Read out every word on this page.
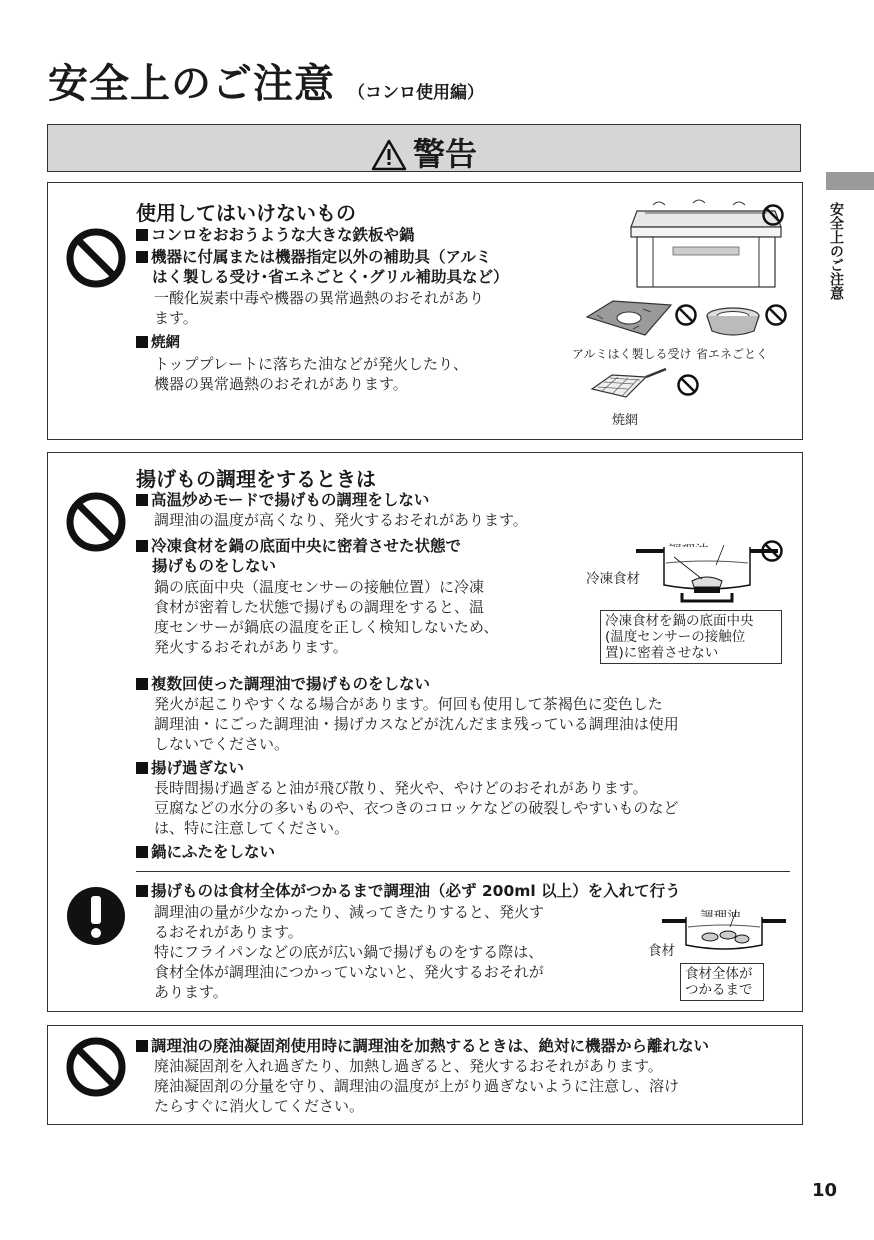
安全上のご注意 （コンロ使用編）
警告
安全上のご注意
使用してはいけないもの
コンロをおおうような大きな鉄板や鍋
機器に付属または機器指定以外の補助具（アルミ
はく製しる受け･省エネごとく･グリル補助具など）
一酸化炭素中毒や機器の異常過熱のおそれがあり
ます。
焼網
トッププレートに落ちた油などが発火したり、
機器の異常過熱のおそれがあります。
アルミはく製しる受け 省エネごとく
焼網
揚げもの調理をするときは
高温炒めモードで揚げもの調理をしない
調理油の温度が高くなり、発火するおそれがあります。
冷凍食材を鍋の底面中央に密着させた状態で
揚げものをしない
鍋の底面中央（温度センサーの接触位置）に冷凍
食材が密着した状態で揚げもの調理をすると、温
度センサーが鍋底の温度を正しく検知しないため、
発火するおそれがあります。
冷凍食材
冷凍食材を鍋の底面中央
(温度センサーの接触位
置)に密着させない
複数回使った調理油で揚げものをしない
発火が起こりやすくなる場合があります。何回も使用して茶褐色に変色した
調理油・にごった調理油・揚げカスなどが沈んだまま残っている調理油は使用
しないでください。
揚げ過ぎない
長時間揚げ過ぎると油が飛び散り、発火や、やけどのおそれがあります。
豆腐などの水分の多いものや、衣つきのコロッケなどの破裂しやすいものなど
は、特に注意してください。
鍋にふたをしない
揚げものは食材全体がつかるまで調理油（必ず 200ml 以上）を入れて行う
調理油の量が少なかったり、減ってきたりすると、発火す
るおそれがあります。
特にフライパンなどの底が広い鍋で揚げものをする際は、
食材全体が調理油につかっていないと、発火するおそれが
あります。
食材
食材全体が
つかるまで
調理油の廃油凝固剤使用時に調理油を加熱するときは、絶対に機器から離れない
廃油凝固剤を入れ過ぎたり、加熱し過ぎると、発火するおそれがあります。
廃油凝固剤の分量を守り、調理油の温度が上がり過ぎないように注意し、溶け
たらすぐに消火してください。
10
